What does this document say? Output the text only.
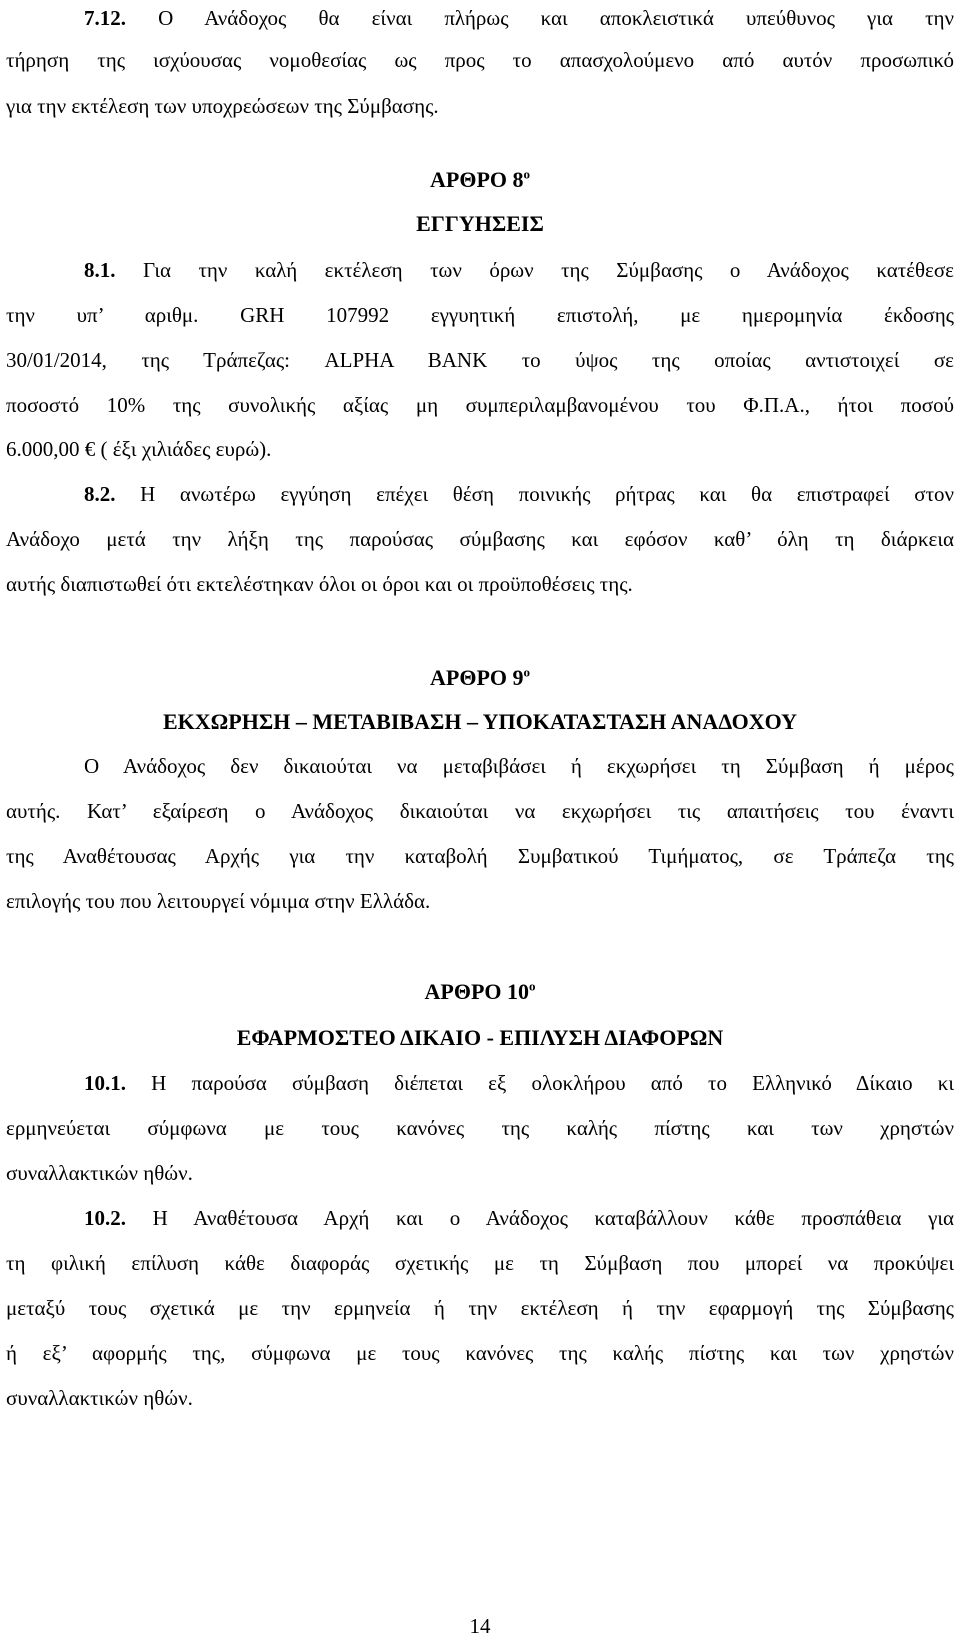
7.12. Ο Ανάδοχος θα είναι πλήρως και αποκλειστικά υπεύθυνος για την
τήρηση της ισχύουσας νομοθεσίας ως προς το απασχολούμενο από αυτόν προσωπικό
για την εκτέλεση των υποχρεώσεων της Σύμβασης.
ΑΡΘΡΟ $8^o$
ΕΓΓΥΗΣΕΙΣ
8.1. Για την καλή εκτέλεση των όρων της Σύμβασης ο Ανάδοχος κατέθεσε
την υπ’ αριθμ. GRH 107992 εγγυητική επιστολή, με ημερομηνία έκδοσης
30/01/2014, της Τράπεζας: ALPHA BANK το ύψος της οποίας αντιστοιχεί σε
ποσοστό 10% της συνολικής αξίας μη συμπεριλαμβανομένου του Φ.Π.Α., ήτοι ποσού
6.000,00 € ( έξι χιλιάδες ευρώ).
8.2. Η ανωτέρω εγγύηση επέχει θέση ποινικής ρήτρας και θα επιστραφεί στον
Ανάδοχο μετά την λήξη της παρούσας σύμβασης και εφόσον καθ’ όλη τη διάρκεια
αυτής διαπιστωθεί ότι εκτελέστηκαν όλοι οι όροι και οι προϋποθέσεις της.
ΑΡΘΡΟ $9^o$
ΕΚΧΩΡΗΣΗ – ΜΕΤΑΒΙΒΑΣΗ – ΥΠΟΚΑΤΑΣΤΑΣΗ ΑΝΑΔΟΧΟΥ
Ο Ανάδοχος δεν δικαιούται να μεταβιβάσει ή εκχωρήσει τη Σύμβαση ή μέρος
αυτής. Κατ’ εξαίρεση ο Ανάδοχος δικαιούται να εκχωρήσει τις απαιτήσεις του έναντι
της Αναθέτουσας Αρχής για την καταβολή Συμβατικού Τιμήματος, σε Τράπεζα της
επιλογής του που λειτουργεί νόμιμα στην Ελλάδα.
ΑΡΘΡΟ $10^o$
ΕΦΑΡΜΟΣΤΕΟ ΔΙΚΑΙΟ - ΕΠΙΛΥΣΗ ΔΙΑΦΟΡΩΝ
10.1. Η παρούσα σύμβαση διέπεται εξ ολοκλήρου από το Ελληνικό Δίκαιο κι
ερμηνεύεται σύμφωνα με τους κανόνες της καλής πίστης και των χρηστών
συναλλακτικών ηθών.
10.2. Η Αναθέτουσα Αρχή και ο Ανάδοχος καταβάλλουν κάθε προσπάθεια για
τη φιλική επίλυση κάθε διαφοράς σχετικής με τη Σύμβαση που μπορεί να προκύψει
μεταξύ τους σχετικά με την ερμηνεία ή την εκτέλεση ή την εφαρμογή της Σύμβασης
ή εξ’ αφορμής της, σύμφωνα με τους κανόνες της καλής πίστης και των χρηστών
συναλλακτικών ηθών.
14
